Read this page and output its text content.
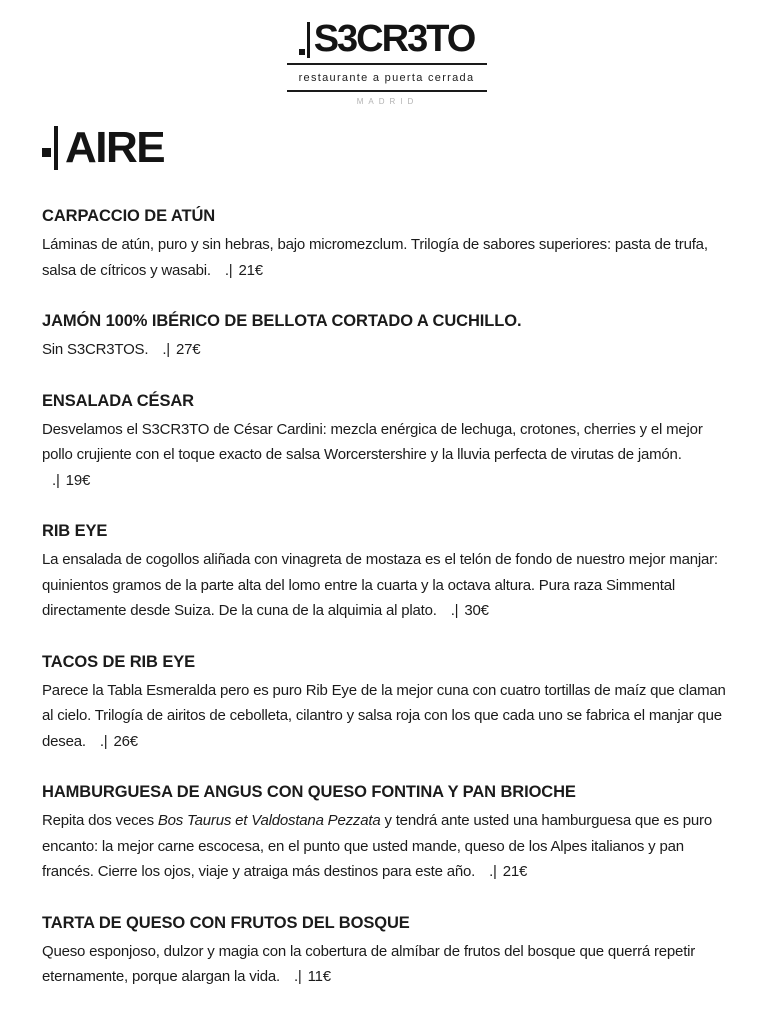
S3CR3TO
restaurante a puerta cerrada
MADRID
AIRE
CARPACCIO DE ATÚN

Láminas de atún, puro y sin hebras, bajo micromezclum. Trilogía de sabores superiores: pasta de trufa, salsa de cítricos y wasabi. .| 21€

JAMÓN 100% IBÉRICO DE BELLOTA CORTADO A CUCHILLO.

Sin S3CR3TOS. .| 27€

ENSALADA CÉSAR

Desvelamos el S3CR3TO de César Cardini: mezcla enérgica de lechuga, crotones, cherries y el mejor pollo crujiente con el toque exacto de salsa Worcerstershire y la lluvia perfecta de virutas de jamón. .| 19€

RIB EYE

La ensalada de cogollos aliñada con vinagreta de mostaza es el telón de fondo de nuestro mejor manjar: quinientos gramos de la parte alta del lomo entre la cuarta y la octava altura. Pura raza Simmental directamente desde Suiza. De la cuna de la alquimia al plato. .| 30€

TACOS DE RIB EYE

Parece la Tabla Esmeralda pero es puro Rib Eye de la mejor cuna con cuatro tortillas de maíz que claman al cielo. Trilogía de airitos de cebolleta, cilantro y salsa roja con los que cada uno se fabrica el manjar que desea. .| 26€

HAMBURGUESA DE ANGUS CON QUESO FONTINA Y PAN BRIOCHE

Repita dos veces Bos Taurus et Valdostana Pezzata y tendrá ante usted una hamburguesa que es puro encanto: la mejor carne escocesa, en el punto que usted mande, queso de los Alpes italianos y pan francés. Cierre los ojos, viaje y atraiga más destinos para este año. .| 21€

TARTA DE QUESO CON FRUTOS DEL BOSQUE

Queso esponjoso, dulzor y magia con la cobertura de almíbar de frutos del bosque que querrá repetir eternamente, porque alargan la vida. .| 11€
